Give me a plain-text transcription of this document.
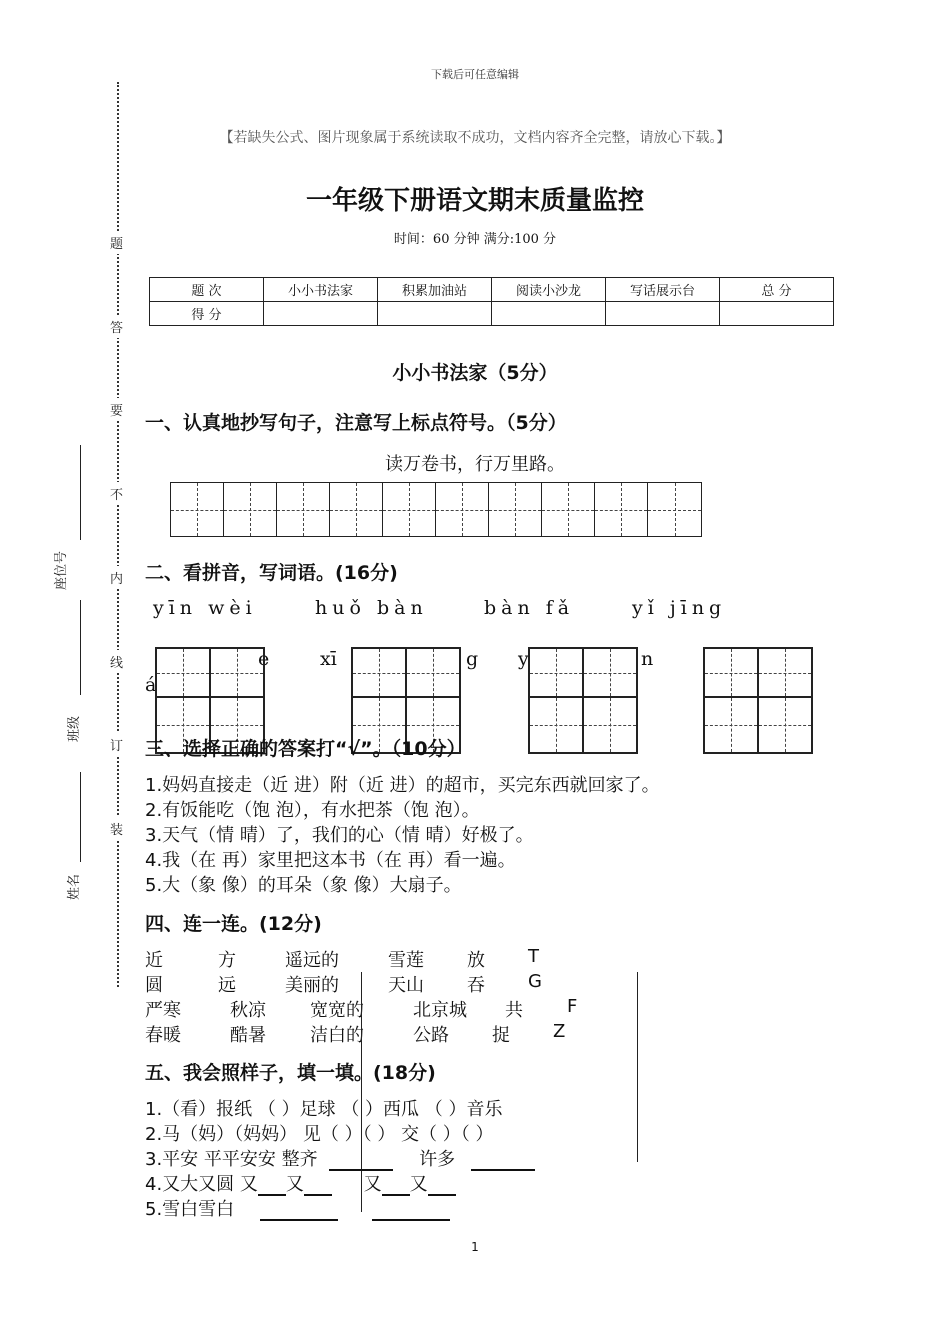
下载后可任意编辑
【若缺失公式、图片现象属于系统读取不成功，文档内容齐全完整，请放心下载。】
一年级下册语文期末质量监控
时间：60 分钟 满分:100 分
题
答
要
不
内
线
订
装
座位号
班级
姓名
题 次	小小书法家	积累加油站	阅读小沙龙	写话展示台	总 分
得 分					
小小书法家（5分）
一、认真地抄写句子，注意写上标点符号。（5分）
读万卷书，行万里路。
二、看拼音，写词语。(16分)
yīn wèi	huǒ bàn	bàn fǎ	yǐ jīng
á
e	xī	g y	n
三、选择正确的答案打“√”。（10分）
1.妈妈直接走（近 进）附（近 进）的超市，买完东西就回家了。
2.有饭能吃（饱 泡），有水把茶（饱 泡）。
3.天气（情 晴）了，我们的心（情 晴）好极了。
4.我（在 再）家里把这本书（在 再）看一遍。
5.大（象 像）的耳朵（象 像）大扇子。
四、连一连。(12分)
近	方	遥远的	雪莲 放 T
圆	远	美丽的	天山 吞 G
严寒	秋凉 宽宽的	北京城 共 F
春暖	酷暑 洁白的	公路 捉 Z
五、我会照样子，填一填。(18分)
1.（看）报纸 （ ）足球 （ ）西瓜 （ ）音乐
2.马（妈）（妈妈） 见（ ）（ ） 交（ ）（ ）
3.平安 平平安安 整齐	许多
4.又大又圆 又 又	又 又
5.雪白雪白
1
